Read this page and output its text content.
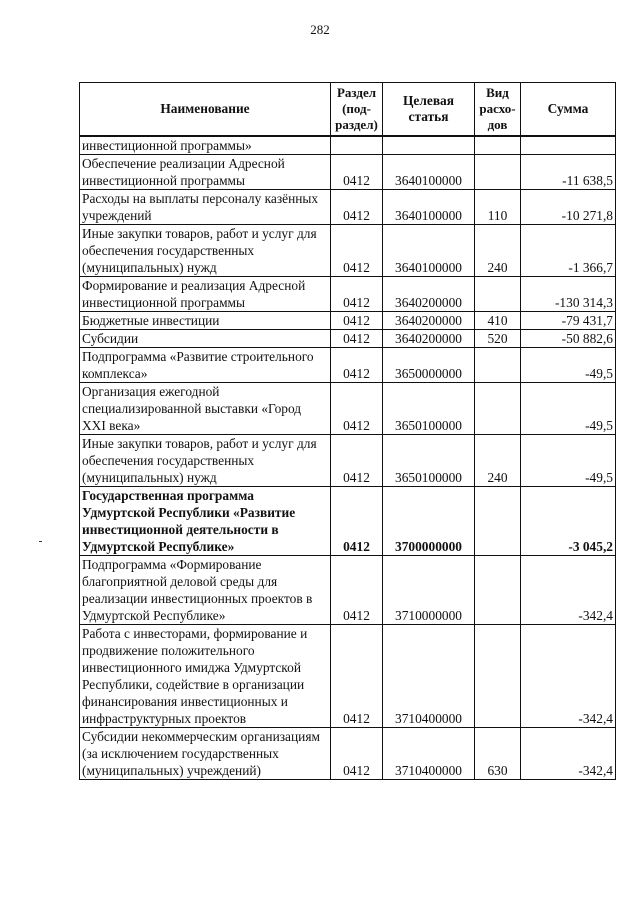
282
Наименование	Раздел (под-раздел)	Целевая статья	Вид расхо-дов	Сумма
инвестиционной программы»				
Обеспечение реализации Адресной инвестиционной программы	0412	3640100000		-11 638,5
Расходы на выплаты персоналу казённых учреждений	0412	3640100000	110	-10 271,8
Иные закупки товаров, работ и услуг для обеспечения государственных (муниципальных) нужд	0412	3640100000	240	-1 366,7
Формирование и реализация Адресной инвестиционной программы	0412	3640200000		-130 314,3
Бюджетные инвестиции	0412	3640200000	410	-79 431,7
Субсидии	0412	3640200000	520	-50 882,6
Подпрограмма «Развитие строительного комплекса»	0412	3650000000		-49,5
Организация ежегодной специализированной выставки «Город XXI века»	0412	3650100000		-49,5
Иные закупки товаров, работ и услуг для обеспечения государственных (муниципальных) нужд	0412	3650100000	240	-49,5
Государственная программа Удмуртской Республики «Развитие инвестиционной деятельности в Удмуртской Республике»	0412	3700000000		-3 045,2
Подпрограмма «Формирование благоприятной деловой среды для реализации инвестиционных проектов в Удмуртской Республике»	0412	3710000000		-342,4
Работа с инвесторами, формирование и продвижение положительного инвестиционного имиджа Удмуртской Республики, содействие в организации финансирования инвестиционных и инфраструктурных проектов	0412	3710400000		-342,4
Субсидии некоммерческим организациям (за исключением государственных (муниципальных) учреждений)	0412	3710400000	630	-342,4
